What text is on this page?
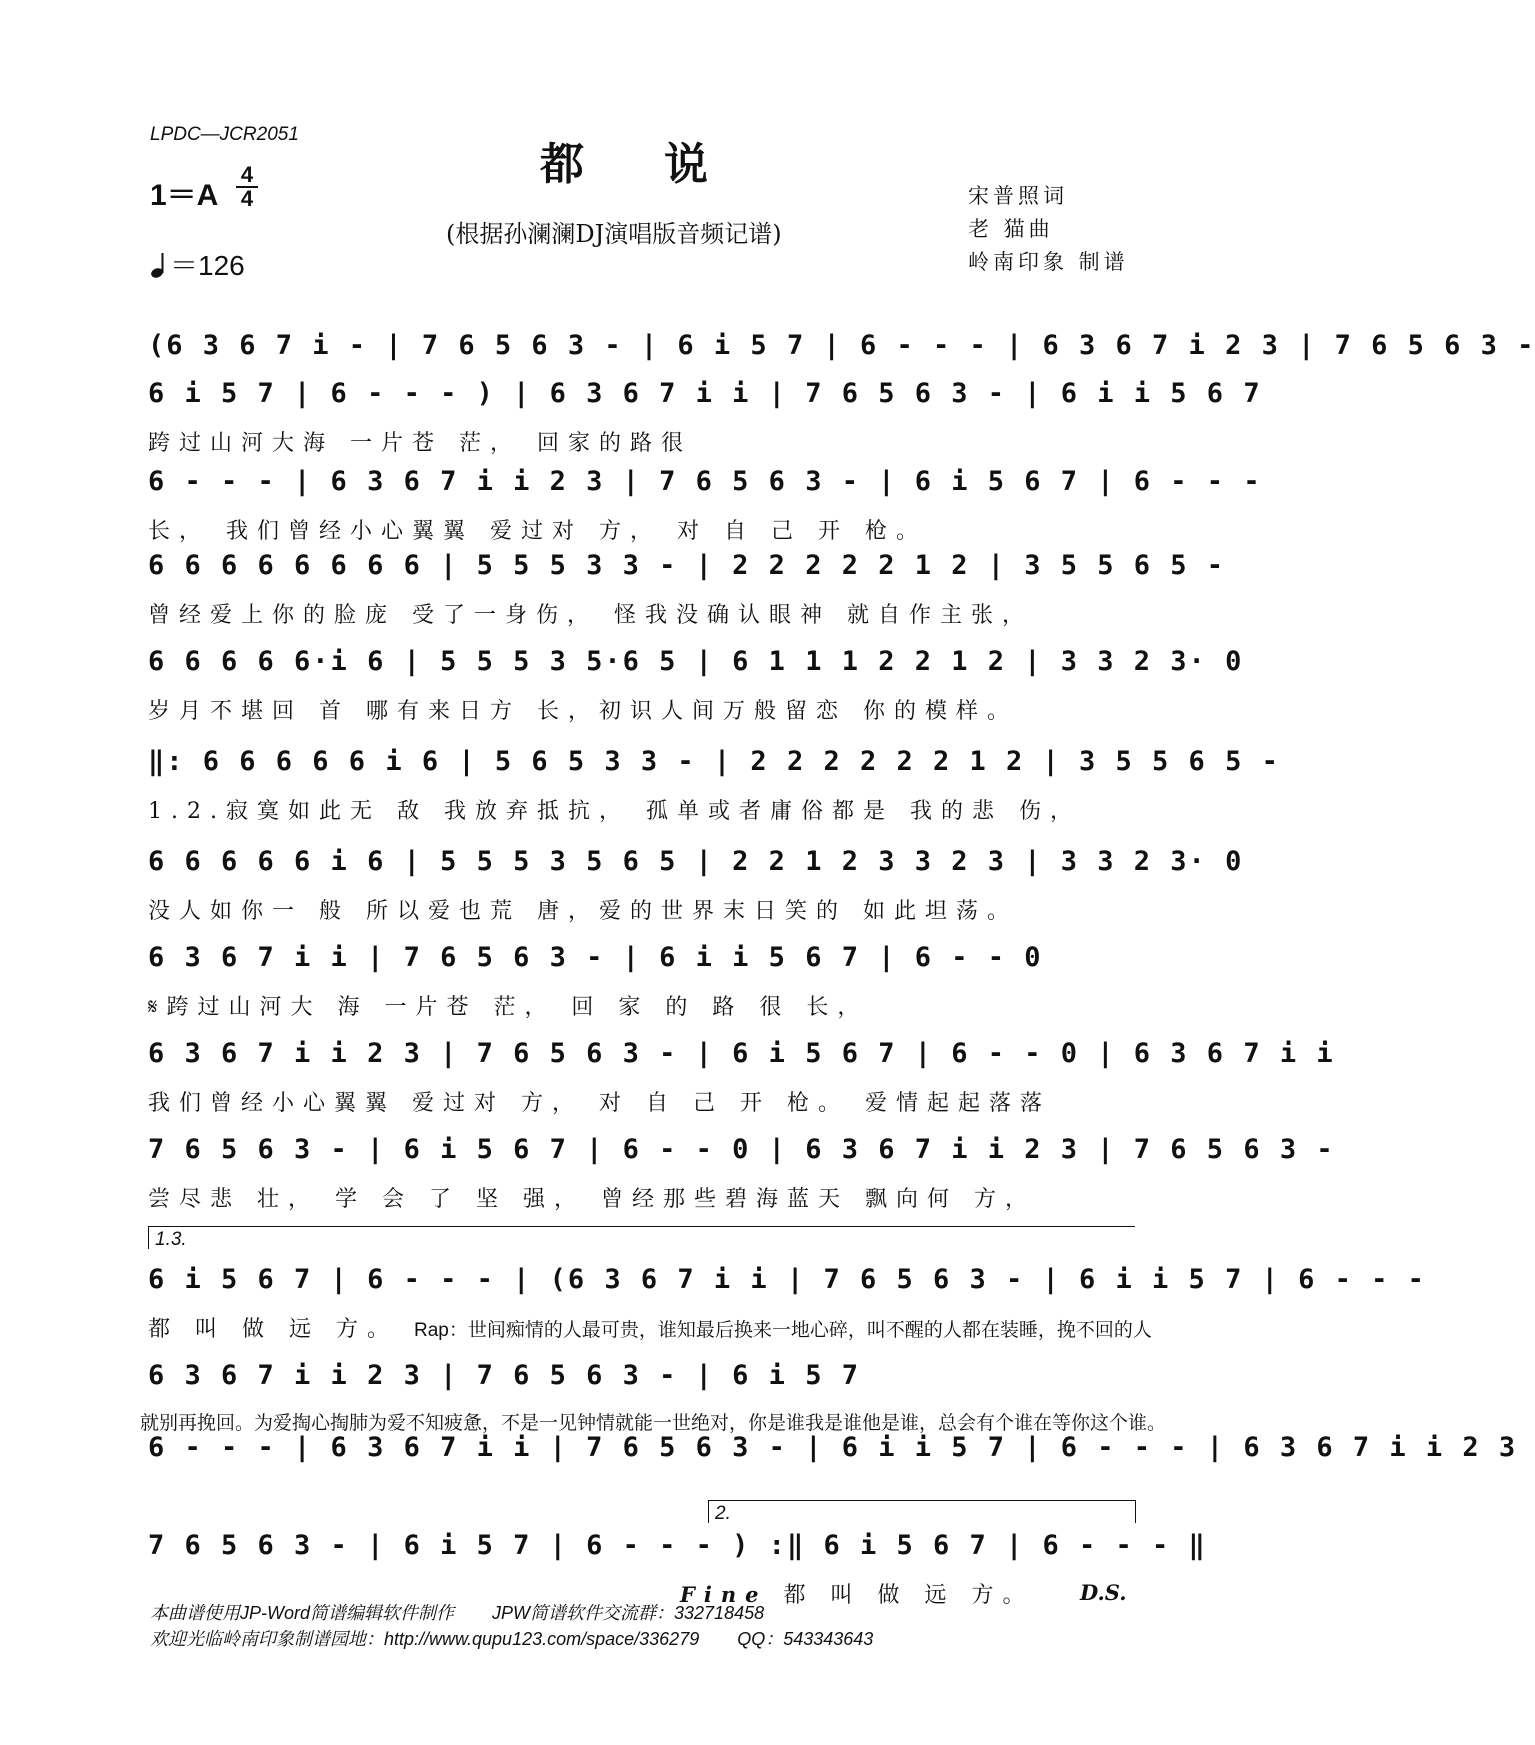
LPDC—JCR2051
都说
1＝A
4
4
＝126
(根据孙澜澜DJ演唱版音频记谱)
宋普照词
老 猫曲
岭南印象 制谱
(6 3 6 7 i - | 7 6 5 6 3 - | 6 i 5 7 | 6 - - - | 6 3 6 7 i 2 3 | 7 6 5 6 3 -
6 i 5 7 | 6 - - - ) | 6 3 6 7 i i | 7 6 5 6 3 - | 6 i i 5 6 7
跨过山河大海 一片苍 茫， 回家的路很
6 - - - | 6 3 6 7 i i 2 3 | 7 6 5 6 3 - | 6 i 5 6 7 | 6 - - -
长， 我们曾经小心翼翼 爱过对 方， 对 自 己 开 枪。
6 6 6 6 6 6 6 6 | 5 5 5 3 3 - | 2 2 2 2 2 1 2 | 3 5 5 6 5 -
曾经爱上你的脸庞 受了一身伤， 怪我没确认眼神 就自作主张，
6 6 6 6 6·i 6 | 5 5 5 3 5·6 5 | 6 1 1 1 2 2 1 2 | 3 3 2 3· 0
岁月不堪回 首 哪有来日方 长，初识人间万般留恋 你的模样。
‖: 6 6 6 6 6 i 6 | 5 6 5 3 3 - | 2 2 2 2 2 2 1 2 | 3 5 5 6 5 -
1.2.寂寞如此无 敌 我放弃抵抗， 孤单或者庸俗都是 我的悲 伤，
6 6 6 6 6 i 6 | 5 5 5 3 5 6 5 | 2 2 1 2 3 3 2 3 | 3 3 2 3· 0
没人如你一 般 所以爱也荒 唐，爱的世界末日笑的 如此坦荡。
6 3 6 7 i i | 7 6 5 6 3 - | 6 i i 5 6 7 | 6 - - 0
𝄋跨过山河大 海 一片苍 茫， 回 家 的 路 很 长，
6 3 6 7 i i 2 3 | 7 6 5 6 3 - | 6 i 5 6 7 | 6 - - 0 | 6 3 6 7 i i
我们曾经小心翼翼 爱过对 方， 对 自 己 开 枪。 爱情起起落落
7 6 5 6 3 - | 6 i 5 6 7 | 6 - - 0 | 6 3 6 7 i i 2 3 | 7 6 5 6 3 -
尝尽悲 壮， 学 会 了 坚 强， 曾经那些碧海蓝天 飘向何 方，
1.3.
6 i 5 6 7 | 6 - - - | (6 3 6 7 i i | 7 6 5 6 3 - | 6 i i 5 7 | 6 - - -
都 叫 做 远 方。 Rap：世间痴情的人最可贵，谁知最后换来一地心碎，叫不醒的人都在装睡，挽不回的人
6 3 6 7 i i 2 3 | 7 6 5 6 3 - | 6 i 5 7
就别再挽回。为爱掏心掏肺为爱不知疲惫，不是一见钟情就能一世绝对，你是谁我是谁他是谁，总会有个谁在等你这个谁。
6 - - - | 6 3 6 7 i i | 7 6 5 6 3 - | 6 i i 5 7 | 6 - - - | 6 3 6 7 i i 2 3
2.
7 6 5 6 3 - | 6 i 5 7 | 6 - - - ) :‖ 6 i 5 6 7 | 6 - - - ‖
Fine 都 叫 做 远 方。	D.S.
本曲谱使用JP-Word简谱编辑软件制作 JPW简谱软件交流群：332718458
欢迎光临岭南印象制谱园地：http://www.qupu123.com/space/336279 QQ：543343643
